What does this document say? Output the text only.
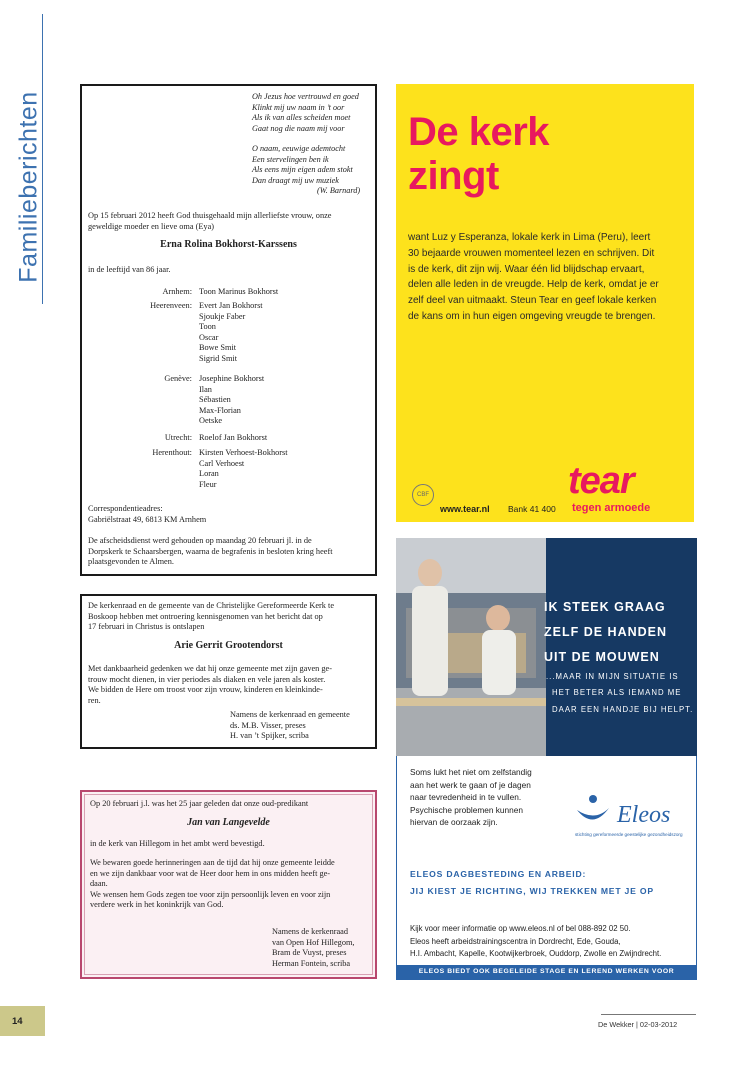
Familieberichten	Oh Jezus hoe vertrouwd en goed
Klinkt mij uw naam in ’t oor
Als ik van alles scheiden moet
Gaat nog die naam mij voor
O naam, eeuwige ademtocht
Een stervelingen ben ik
Als eens mijn eigen adem stokt
Dan draagt mij uw muziek
(W. Barnard)
Op 15 februari 2012 heeft God thuisgehaald mijn allerliefste vrouw, onze
geweldige moeder en lieve oma (Eya)
Erna Rolina Bokhorst-Karssens
in de leeftijd van 86 jaar.
Arnhem: Toon Marinus Bokhorst
Heerenveen: Evert Jan Bokhorst
Sjoukje Faber
Toon
Oscar
Bowe Smit
Sigrid Smit
Genève: Josephine Bokhorst
Ilan
Sébastien
Max-Florian
Oetske
Utrecht: Roelof Jan Bokhorst
Herenthout: Kirsten Verhoest-Bokhorst
Carl Verhoest
Loran
Fleur
Correspondentieadres:
Gabriëlstraat 49, 6813 KM Arnhem
De afscheidsdienst werd gehouden op maandag 20 februari jl. in de
Dorpskerk te Schaarsbergen, waarna de begrafenis in besloten kring heeft
plaatsgevonden te Almen.
De kerkenraad en de gemeente van de Christelijke Gereformeerde Kerk te
Boskoop hebben met ontroering kennisgenomen van het bericht dat op
17 februari in Christus is ontslapen
Arie Gerrit Grootendorst
Met dankbaarheid gedenken we dat hij onze gemeente met zijn gaven ge-
trouw mocht dienen, in vier periodes als diaken en vele jaren als koster.
We bidden de Here om troost voor zijn vrouw, kinderen en kleinkinde-
ren.
Namens de kerkenraad en gemeente
ds. M.B. Visser, preses
H. van ’t Spijker, scriba
Op 20 februari j.l. was het 25 jaar geleden dat onze oud-predikant
Jan van Langevelde
in de kerk van Hillegom in het ambt werd bevestigd.
We bewaren goede herinneringen aan de tijd dat hij onze gemeente leidde
en we zijn dankbaar voor wat de Heer door hem in ons midden heeft ge-
daan.
We wensen hem Gods zegen toe voor zijn persoonlijk leven en voor zijn
verdere werk in het koninkrijk van God.
Namens de kerkenraad
van Open Hof Hillegom,
Bram de Vuyst, preses
Herman Fontein, scriba
De kerk
zingt
want Luz y Esperanza, lokale kerk in Lima (Peru), leert
30 bejaarde vrouwen momenteel lezen en schrijven. Dit
is de kerk, dit zijn wij. Waar één lid blijdschap ervaart,
delen alle leden in de vreugde. Help de kerk, omdat je er
zelf deel van uitmaakt. Steun Tear en geef lokale kerken
de kans om in hun eigen omgeving vreugde te brengen.
CBF
www.tear.nl Bank 41 400
tear
tegen armoede
IK STEEK GRAAG
ZELF DE HANDEN
UIT DE MOUWEN
...MAAR IN MIJN SITUATIE IS
HET BETER ALS IEMAND ME
DAAR EEN HANDJE BIJ HELPT.
Soms lukt het niet om zelfstandig
aan het werk te gaan of je dagen
naar tevredenheid in te vullen.
Psychische problemen kunnen
hiervan de oorzaak zijn.	Eleos
stichting gereformeerde geestelijke gezondheidszorg
ELEOS DAGBESTEDING EN ARBEID:
JIJ KIEST JE RICHTING, WIJ TREKKEN MET JE OP
Kijk voor meer informatie op www.eleos.nl of bel 088-892 02 50.
Eleos heeft arbeidstrainingscentra in Dordrecht, Ede, Gouda,
H.I. Ambacht, Kapelle, Kootwijkerbroek, Ouddorp, Zwolle en Zwijndrecht.
ELEOS BIEDT OOK BEGELEIDE STAGE EN LEREND WERKEN VOOR JONGEREN.
14	De Wekker | 02-03-2012
